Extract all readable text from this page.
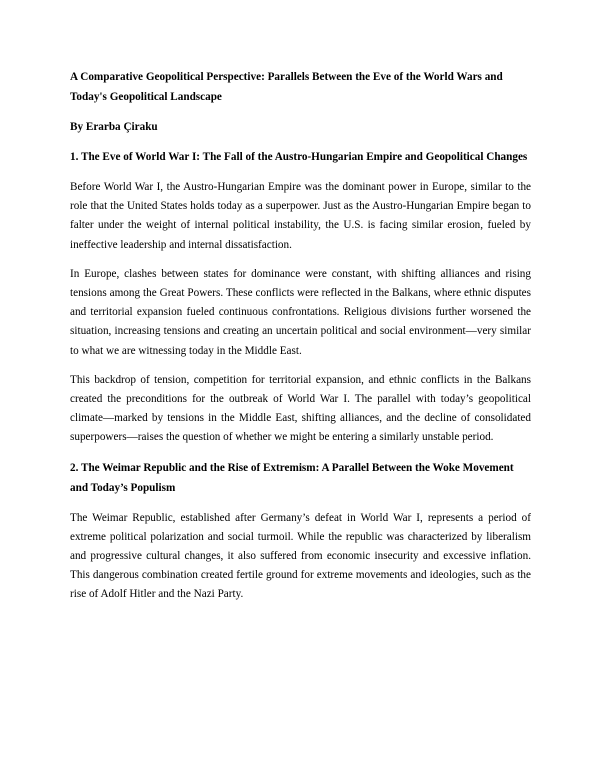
A Comparative Geopolitical Perspective: Parallels Between the Eve of the World Wars and Today's Geopolitical Landscape
By Erarba Çiraku
1. The Eve of World War I: The Fall of the Austro-Hungarian Empire and Geopolitical Changes

Before World War I, the Austro-Hungarian Empire was the dominant power in Europe, similar to the role that the United States holds today as a superpower. Just as the Austro-Hungarian Empire began to falter under the weight of internal political instability, the U.S. is facing similar erosion, fueled by ineffective leadership and internal dissatisfaction.

In Europe, clashes between states for dominance were constant, with shifting alliances and rising tensions among the Great Powers. These conflicts were reflected in the Balkans, where ethnic disputes and territorial expansion fueled continuous confrontations. Religious divisions further worsened the situation, increasing tensions and creating an uncertain political and social environment—very similar to what we are witnessing today in the Middle East.

This backdrop of tension, competition for territorial expansion, and ethnic conflicts in the Balkans created the preconditions for the outbreak of World War I. The parallel with today’s geopolitical climate—marked by tensions in the Middle East, shifting alliances, and the decline of consolidated superpowers—raises the question of whether we might be entering a similarly unstable period.

2. The Weimar Republic and the Rise of Extremism: A Parallel Between the Woke Movement and Today’s Populism

The Weimar Republic, established after Germany’s defeat in World War I, represents a period of extreme political polarization and social turmoil. While the republic was characterized by liberalism and progressive cultural changes, it also suffered from economic insecurity and excessive inflation. This dangerous combination created fertile ground for extreme movements and ideologies, such as the rise of Adolf Hitler and the Nazi Party.
